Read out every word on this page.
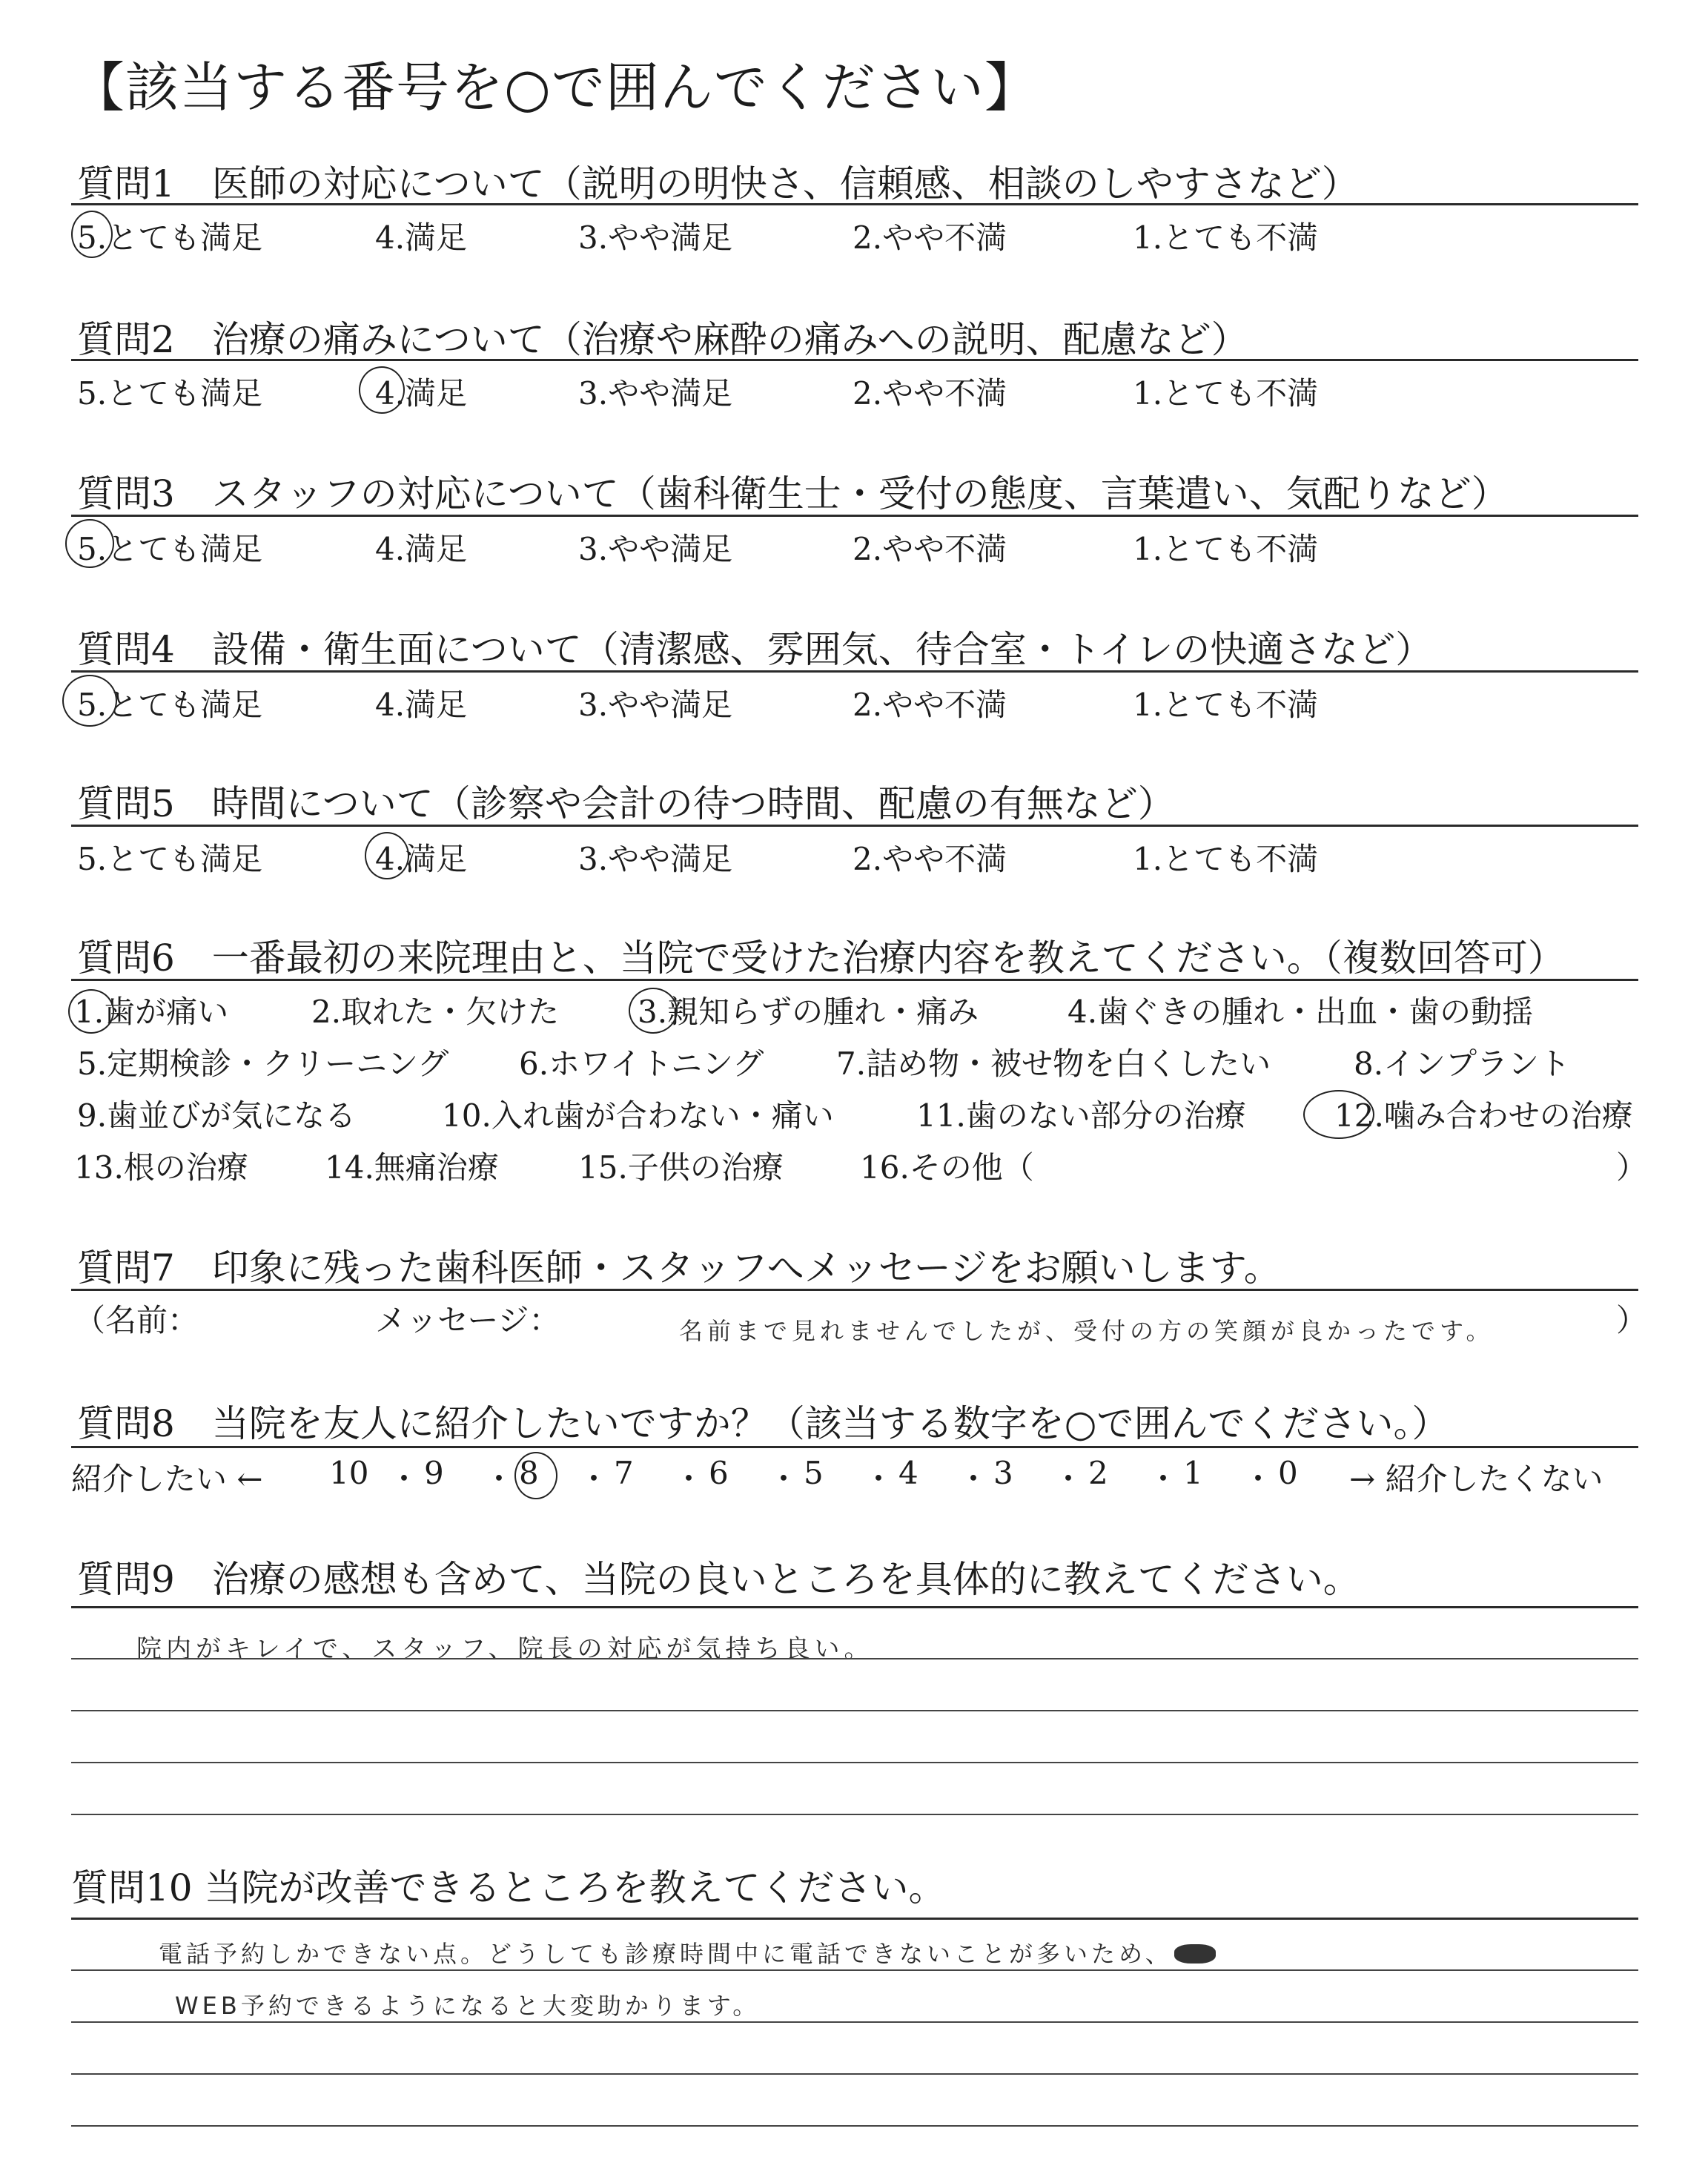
【該当する番号を○で囲んでください】
質問1　医師の対応について（説明の明快さ、信頼感、相談のしやすさなど）
5.とても満足	4.満足	3.やや満足	2.やや不満	1.とても不満
質問2　治療の痛みについて（治療や麻酔の痛みへの説明、配慮など）
5.とても満足	4.満足	3.やや満足	2.やや不満	1.とても不満
質問3　スタッフの対応について（歯科衛生士・受付の態度、言葉遣い、気配りなど）
5.とても満足	4.満足	3.やや満足	2.やや不満	1.とても不満
質問4　設備・衛生面について（清潔感、雰囲気、待合室・トイレの快適さなど）
5.とても満足	4.満足	3.やや満足	2.やや不満	1.とても不満
質問5　時間について（診察や会計の待つ時間、配慮の有無など）
5.とても満足	4.満足	3.やや満足	2.やや不満	1.とても不満
質問6　一番最初の来院理由と、当院で受けた治療内容を教えてください。（複数回答可）
1.歯が痛い	2.取れた・欠けた	3.親知らずの腫れ・痛み	4.歯ぐきの腫れ・出血・歯の動揺
5.定期検診・クリーニング 6.ホワイトニング 7.詰め物・被せ物を白くしたい	8.インプラント
9.歯並びが気になる	10.入れ歯が合わない・痛い	11.歯のない部分の治療	12.噛み合わせの治療
13.根の治療 14.無痛治療	15.子供の治療 16.その他（	）
質問7　印象に残った歯科医師・スタッフへメッセージをお願いします。
（名前：	メッセージ：	名前まで見れませんでしたが、受付の方の笑顔が良かったです。	）
質問8　当院を友人に紹介したいですか？（該当する数字を○で囲んでください。）
紹介したい ←	→ 紹介したくない
10 ・ 9 ・ 8 ・ 7 ・ 6 ・ 5 ・ 4 ・ 3 ・ 2 ・ 1 ・ 0
質問9　治療の感想も含めて、当院の良いところを具体的に教えてください。
院内がキレイで、スタッフ、院長の対応が気持ち良い。
質問10 当院が改善できるところを教えてください。
電話予約しかできない点。どうしても診療時間中に電話できないことが多いため、
WEB予約できるようになると大変助かります。
